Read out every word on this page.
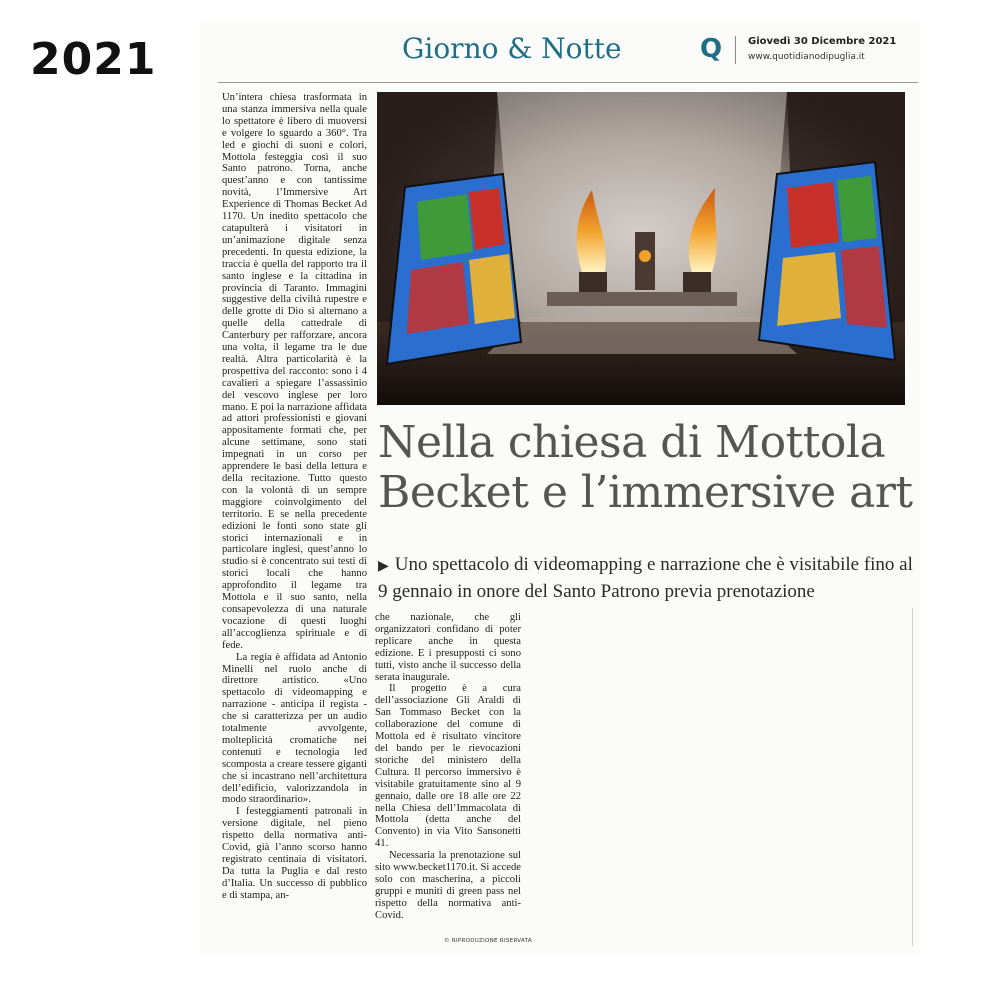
2021	Giorno & Notte	Q	Giovedì 30 Dicembre 2021
www.quotidianodipuglia.it

Un’intera chiesa trasformata in una stanza immersiva nella quale lo spettatore è libero di muoversi e volgere lo sguardo a 360°. Tra led e giochi di suoni e colori, Mottola festeggia così il suo Santo patrono. Torna, anche quest’anno e con tantissime novità, l’Immersive Art Experience di Thomas Becket Ad 1170. Un inedito spettacolo che catapulterà i visitatori in un’animazione digitale senza precedenti. In questa edizione, la traccia è quella del rapporto tra il santo inglese e la cittadina in provincia di Taranto. Immagini suggestive della civiltà rupestre e delle grotte di Dio si alternano a quelle della cattedrale di Canterbury per rafforzare, ancora una volta, il legame tra le due realtà. Altra particolarità è la prospettiva del racconto: sono i 4 cavalieri a spiegare l’assassinio del vescovo inglese per loro mano. E poi la narrazione affidata ad attori professionisti e giovani appositamente formati che, per alcune settimane, sono stati impegnati in un corso per apprendere le basi della lettura e della recitazione. Tutto questo con la volontà di un sempre maggiore coinvolgimento del territorio. E se nella precedente edizioni le fonti sono state gli storici internazionali e in particolare inglesi, quest’anno lo studio si è concentrato sui testi di storici locali che hanno approfondito il legame tra Mottola e il suo santo, nella consapevolezza di una naturale vocazione di questi luoghi all’accoglienza spirituale e di fede.

La regia è affidata ad Antonio Minelli nel ruolo anche di direttore artistico. «Uno spettacolo di videomapping e narrazione - anticipa il regista - che si caratterizza per un audio totalmente avvolgente, molteplicità cromatiche nei contenuti e tecnologia led scomposta a creare tessere giganti che si incastrano nell’architettura dell’edificio, valorizzandola in modo straordinario».

I festeggiamenti patronali in versione digitale, nel pieno rispetto della normativa anti-Covid, già l’anno scorso hanno registrato centinaia di visitatori. Da tutta la Puglia e dal resto d’Italia. Un successo di pubblico e di stampa, an-

Nella chiesa di Mottola
Becket e l’immersive art
▶ Uno spettacolo di videomapping e narrazione che è visitabile fino al 9 gennaio in onore del Santo Patrono previa prenotazione

che nazionale, che gli organizzatori confidano di poter replicare anche in questa edizione. E i presupposti ci sono tutti, visto anche il successo della serata inaugurale.

Il progetto è a cura dell’associazione Gli Araldi di San Tommaso Becket con la collaborazione del comune di Mottola ed è risultato vincitore del bando per le rievocazioni storiche del ministero della Cultura. Il percorso immersivo è visitabile gratuitamente sino al 9 gennaio, dalle ore 18 alle ore 22 nella Chiesa dell’Immacolata di Mottola (detta anche del Convento) in via Vito Sansonetti 41.

Necessaria la prenotazione sul sito www.becket1170.it. Si accede solo con mascherina, a piccoli gruppi e muniti di green pass nel rispetto della normativa anti-Covid.

© RIPRODUZIONE RISERVATA
